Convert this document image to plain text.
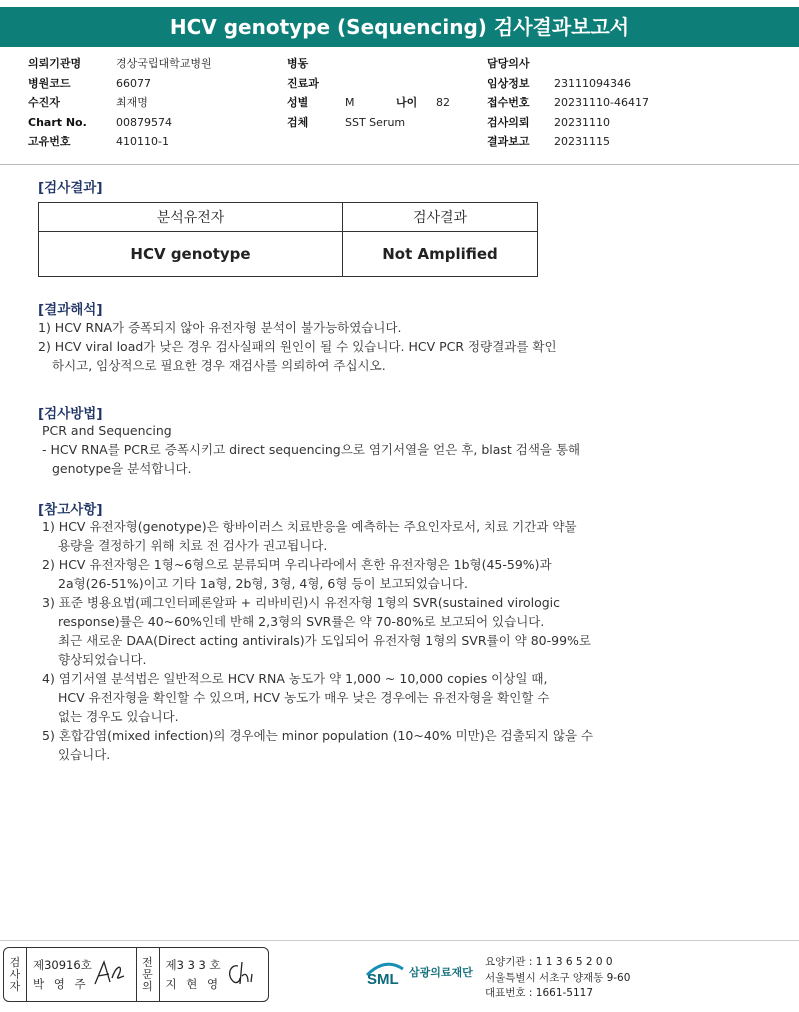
HCV genotype (Sequencing) 검사결과보고서
의뢰기관명	경상국립대학교병원
병원코드	66077
수진자	최재명
Chart No.	00879574
고유번호	410110-1
병동
진료과
성별	M	나이	82
검체	SST Serum
담당의사
임상정보	23111094346
접수번호	20231110-46417
검사의뢰	20231110
결과보고	20231115
[검사결과]
분석유전자	검사결과
HCV genotype	Not Amplified
[결과해석]

1) HCV RNA가 증폭되지 않아 유전자형 분석이 불가능하였습니다.

2) HCV viral load가 낮은 경우 검사실패의 원인이 될 수 있습니다. HCV PCR 정량결과를 확인

하시고, 임상적으로 필요한 경우 재검사를 의뢰하여 주십시오.

[검사방법]

PCR and Sequencing

- HCV RNA를 PCR로 증폭시키고 direct sequencing으로 염기서열을 얻은 후, blast 검색을 통해

genotype을 분석합니다.

[참고사항]

1) HCV 유전자형(genotype)은 항바이러스 치료반응을 예측하는 주요인자로서, 치료 기간과 약물

용량을 결정하기 위해 치료 전 검사가 권고됩니다.

2) HCV 유전자형은 1형~6형으로 분류되며 우리나라에서 흔한 유전자형은 1b형(45-59%)과

2a형(26-51%)이고 기타 1a형, 2b형, 3형, 4형, 6형 등이 보고되었습니다.

3) 표준 병용요법(페그인터페론알파 + 리바비린)시 유전자형 1형의 SVR(sustained virologic

response)률은 40~60%인데 반해 2,3형의 SVR률은 약 70-80%로 보고되어 있습니다.

최근 새로운 DAA(Direct acting antivirals)가 도입되어 유전자형 1형의 SVR률이 약 80-99%로

향상되었습니다.

4) 염기서열 분석법은 일반적으로 HCV RNA 농도가 약 1,000 ~ 10,000 copies 이상일 때,

HCV 유전자형을 확인할 수 있으며, HCV 농도가 매우 낮은 경우에는 유전자형을 확인할 수

없는 경우도 있습니다.

5) 혼합감염(mixed infection)의 경우에는 minor population (10~40% 미만)은 검출되지 않을 수

있습니다.

검
사
자
제30916호
박 영 주
전
문
의
제3 3 3 호
지 현 영	SML 삼광의료재단
요양기관 : 1 1 3 6 5 2 0 0
서울특별시 서초구 양재동 9-60
대표번호 : 1661-5117
